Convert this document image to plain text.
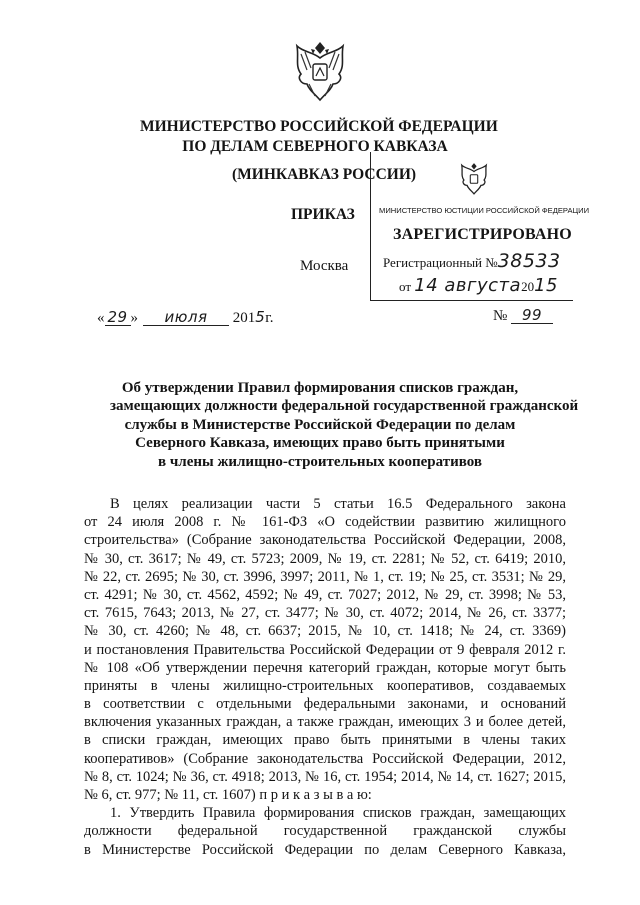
МИНИСТЕРСТВО РОССИЙСКОЙ ФЕДЕРАЦИИ
ПО ДЕЛАМ СЕВЕРНОГО КАВКАЗА
(МИНКАВКАЗ РОССИИ)
ПРИКАЗ
Москва
МИНИСТЕРСТВО ЮСТИЦИИ РОССИЙСКОЙ ФЕДЕРАЦИИ
ЗАРЕГИСТРИРОВАНО
Регистрационный №38533
от 14 августа2015
« 29 » июля 2015г.	№ 99
Об утверждении Правил формирования списков граждан,
замещающих должности федеральной государственной гражданской
службы в Министерстве Российской Федерации по делам
Северного Кавказа, имеющих право быть принятыми
в члены жилищно-строительных кооперативов
В целях реализации части 5 статьи 16.5 Федерального закона
от 24 июля 2008 г. № 161-ФЗ «О содействии развитию жилищного
строительства» (Собрание законодательства Российской Федерации, 2008,
№ 30, ст. 3617; № 49, ст. 5723; 2009, № 19, ст. 2281; № 52, ст. 6419; 2010,
№ 22, ст. 2695; № 30, ст. 3996, 3997; 2011, № 1, ст. 19; № 25, ст. 3531; № 29,
ст. 4291; № 30, ст. 4562, 4592; № 49, ст. 7027; 2012, № 29, ст. 3998; № 53,
ст. 7615, 7643; 2013, № 27, ст. 3477; № 30, ст. 4072; 2014, № 26, ст. 3377;
№ 30, ст. 4260; № 48, ст. 6637; 2015, № 10, ст. 1418; № 24, ст. 3369)
и постановления Правительства Российской Федерации от 9 февраля 2012 г.
№ 108 «Об утверждении перечня категорий граждан, которые могут быть
приняты в члены жилищно-строительных кооперативов, создаваемых
в соответствии с отдельными федеральными законами, и оснований
включения указанных граждан, а также граждан, имеющих 3 и более детей,
в списки граждан, имеющих право быть принятыми в члены таких
кооперативов» (Собрание законодательства Российской Федерации, 2012,
№ 8, ст. 1024; № 36, ст. 4918; 2013, № 16, ст. 1954; 2014, № 14, ст. 1627; 2015,
№ 6, ст. 977; № 11, ст. 1607) п р и к а з ы в а ю:
1. Утвердить Правила формирования списков граждан, замещающих
должности федеральной государственной гражданской службы
в Министерстве Российской Федерации по делам Северного Кавказа,
